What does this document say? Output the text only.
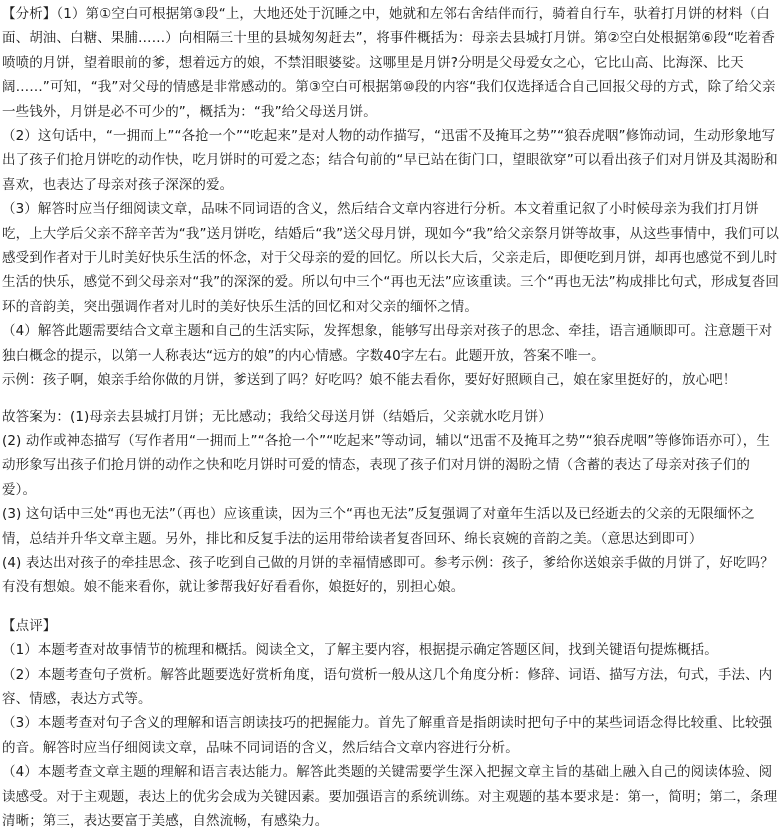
【分析】（1）第①空白可根据第③段“上，大地还处于沉睡之中，她就和左邻右舍结伴而行，骑着自行车，驮着打月饼的材料（白面、胡油、白糖、果脯……）向相隔三十里的县城匆匆赶去”，将事件概括为：母亲去县城打月饼。第②空白处根据第⑥段“吃着香喷喷的月饼，望着眼前的爹，想着远方的娘，不禁泪眼婆娑。这哪里是月饼?分明是父母爱女之心，它比山高、比海深、比天阔……”可知，“我”对父母的情感是非常感动的。第③空白可根据第⑩段的内容“我们仅选择适合自己回报父母的方式，除了给父亲一些钱外，月饼是必不可少的”，概括为：“我”给父母送月饼。

（2）这句话中，“一拥而上”“各抢一个”“吃起来”是对人物的动作描写，“迅雷不及掩耳之势”“狼吞虎咽”修饰动词，生动形象地写出了孩子们抢月饼吃的动作快，吃月饼时的可爱之态；结合句前的“早已站在街门口，望眼欲穿”可以看出孩子们对月饼及其渴盼和喜欢，也表达了母亲对孩子深深的爱。

（3）解答时应当仔细阅读文章，品味不同词语的含义，然后结合文章内容进行分析。本文着重记叙了小时候母亲为我们打月饼吃，上大学后父亲不辞辛苦为“我”送月饼吃，结婚后“我”送父母月饼，现如今“我”给父亲祭月饼等故事，从这些事情中，我们可以感受到作者对于儿时美好快乐生活的怀念，对于父母亲的爱的回忆。所以长大后，父亲走后，即便吃到月饼，却再也感觉不到儿时生活的快乐，感觉不到父母亲对“我”的深深的爱。所以句中三个“再也无法”应该重读。三个“再也无法”构成排比句式，形成复沓回环的音韵美，突出强调作者对儿时的美好快乐生活的回忆和对父亲的缅怀之情。

（4）解答此题需要结合文章主题和自己的生活实际，发挥想象，能够写出母亲对孩子的思念、牵挂，语言通顺即可。注意题干对独白概念的提示，以第一人称表达“远方的娘”的内心情感。字数40字左右。此题开放，答案不唯一。

示例：孩子啊，娘亲手给你做的月饼，爹送到了吗？好吃吗？娘不能去看你，要好好照顾自己，娘在家里挺好的，放心吧！

故答案为：(1)母亲去县城打月饼；无比感动；我给父母送月饼（结婚后，父亲就水吃月饼）

(2) 动作或神态描写（写作者用“一拥而上”“各抢一个”“吃起来”等动词，辅以“迅雷不及掩耳之势”“狼吞虎咽”等修饰语亦可），生动形象写出孩子们抢月饼的动作之快和吃月饼时可爱的情态，表现了孩子们对月饼的渴盼之情（含蓄的表达了母亲对孩子们的爱）。

(3) 这句话中三处“再也无法”（再也）应该重读，因为三个“再也无法”反复强调了对童年生活以及已经逝去的父亲的无限缅怀之情，总结并升华文章主题。另外，排比和反复手法的运用带给读者复沓回环、绵长哀婉的音韵之美。（意思达到即可）

(4) 表达出对孩子的牵挂思念、孩子吃到自己做的月饼的幸福情感即可。参考示例：孩子，爹给你送娘亲手做的月饼了，好吃吗？有没有想娘。娘不能来看你，就让爹帮我好好看看你，娘挺好的，别担心娘。

【点评】

（1）本题考查对故事情节的梳理和概括。阅读全文，了解主要内容，根据提示确定答题区间，找到关键语句提炼概括。

（2）本题考查句子赏析。解答此题要选好赏析角度，语句赏析一般从这几个角度分析：修辞、词语、描写方法，句式，手法、内容、情感，表达方式等。

（3）本题考查对句子含义的理解和语言朗读技巧的把握能力。首先了解重音是指朗读时把句子中的某些词语念得比较重、比较强的音。解答时应当仔细阅读文章，品味不同词语的含义，然后结合文章内容进行分析。

（4）本题考查文章主题的理解和语言表达能力。解答此类题的关键需要学生深入把握文章主旨的基础上融入自己的阅读体验、阅读感受。对于主观题，表达上的优劣会成为关键因素。要加强语言的系统训练。对主观题的基本要求是：第一，简明；第二，条理清晰；第三，表达要富于美感，自然流畅，有感染力。
